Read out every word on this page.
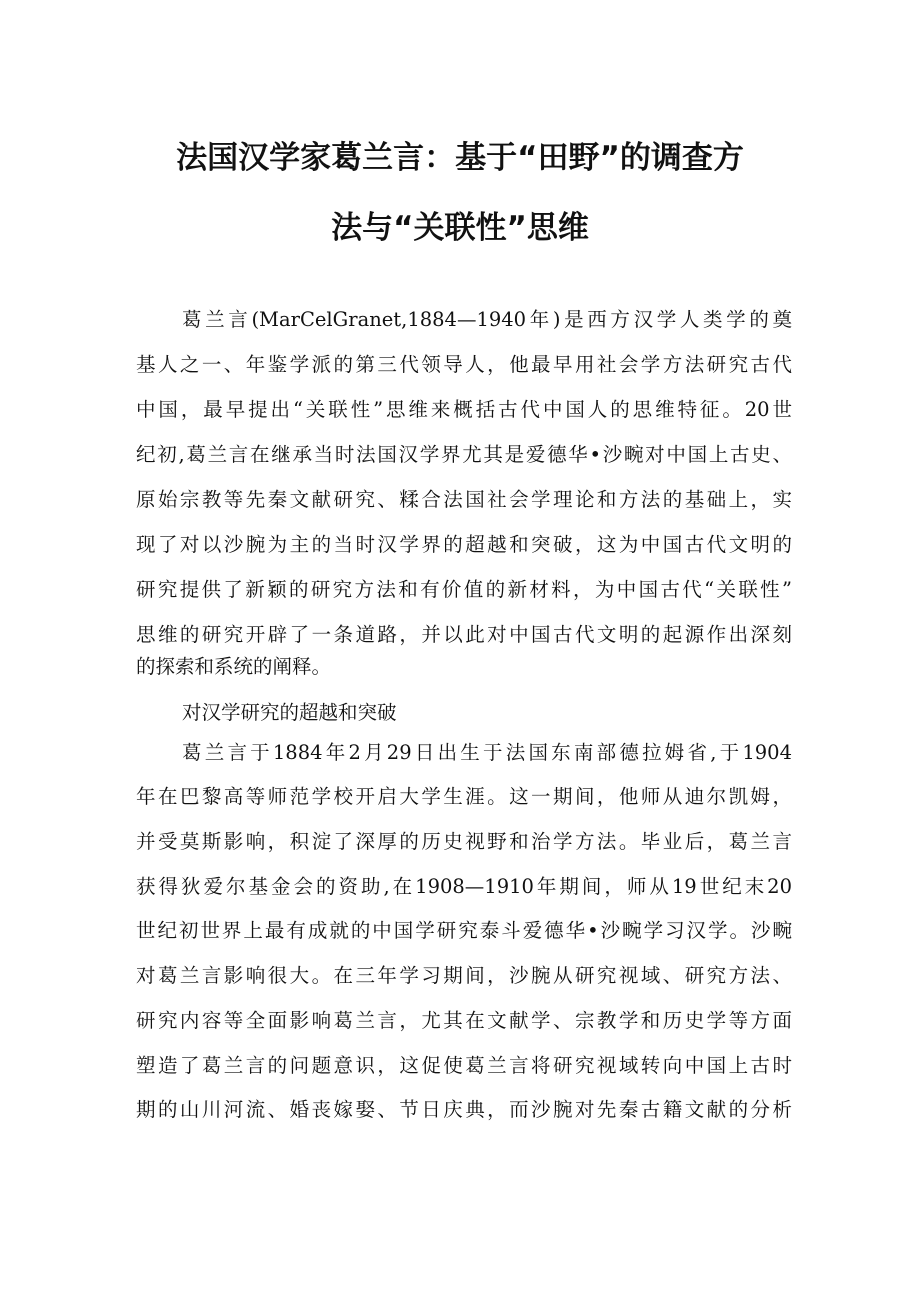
法国汉学家葛兰言：基于“田野”的调查方
法与“关联性”思维
葛兰言(MarCelGranet,1884—1940年)是西方汉学人类学的奠
基人之一、年鉴学派的第三代领导人，他最早用社会学方法研究古代
中国，最早提出“关联性”思维来概括古代中国人的思维特征。20世
纪初,葛兰言在继承当时法国汉学界尤其是爱德华•沙畹对中国上古史、
原始宗教等先秦文献研究、糅合法国社会学理论和方法的基础上，实
现了对以沙腕为主的当时汉学界的超越和突破，这为中国古代文明的
研究提供了新颖的研究方法和有价值的新材料，为中国古代“关联性”
思维的研究开辟了一条道路，并以此对中国古代文明的起源作出深刻
的探索和系统的阐释。
对汉学研究的超越和突破
葛兰言于1884年2月29日出生于法国东南部德拉姆省,于1904
年在巴黎高等师范学校开启大学生涯。这一期间，他师从迪尔凯姆，
并受莫斯影响，积淀了深厚的历史视野和治学方法。毕业后，葛兰言
获得狄爱尔基金会的资助,在1908—1910年期间，师从19世纪末20
世纪初世界上最有成就的中国学研究泰斗爱德华•沙畹学习汉学。沙畹
对葛兰言影响很大。在三年学习期间，沙腕从研究视域、研究方法、
研究内容等全面影响葛兰言，尤其在文献学、宗教学和历史学等方面
塑造了葛兰言的问题意识，这促使葛兰言将研究视域转向中国上古时
期的山川河流、婚丧嫁娶、节日庆典，而沙腕对先秦古籍文献的分析
